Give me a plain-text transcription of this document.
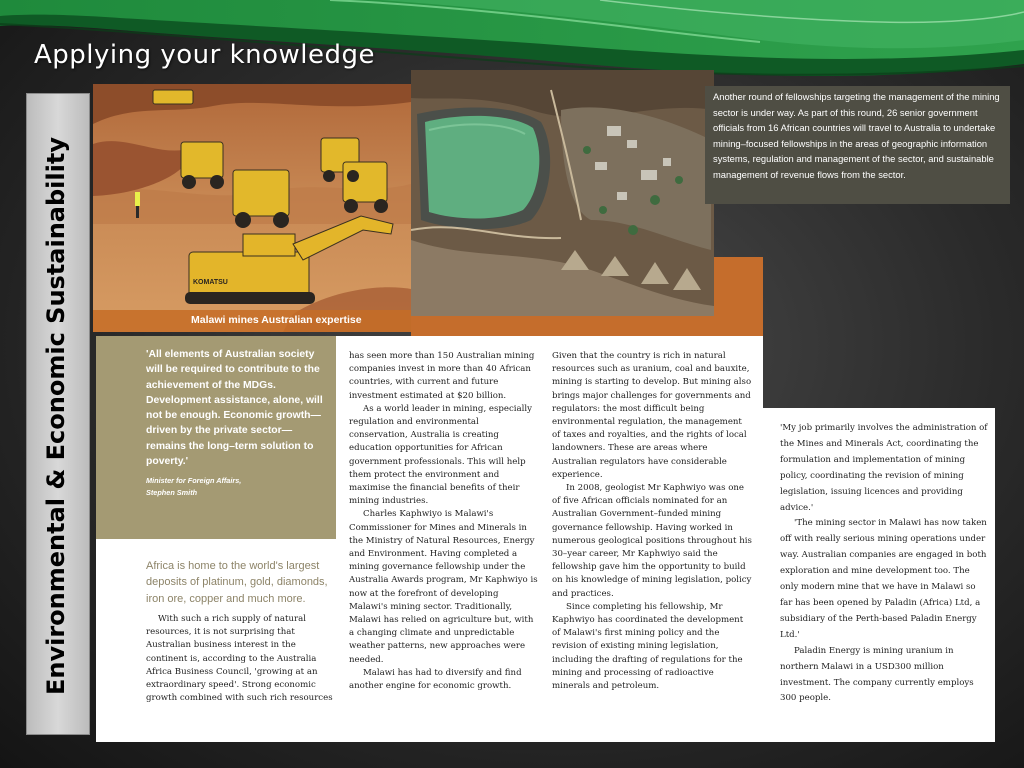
Applying your knowledge
Environmental & Economic Sustainability	KOMATSU
Malawi mines Australian expertise
Another round of fellowships targeting the management of the mining sector is under way. As part of this round, 26 senior government officials from 16 African countries will travel to Australia to undertake mining–focused fellowships in the areas of geographic information systems, regulation and management of the sector, and sustainable management of revenue flows from the sector.

'All elements of Australian society will be required to contribute to the achievement of the MDGs. Development assistance, alone, will not be enough. Economic growth—driven by the private sector—remains the long–term solution to poverty.'

Minister for Foreign Affairs,
Stephen Smith

Africa is home to the world's largest deposits of platinum, gold, diamonds, iron ore, copper and much more.

With such a rich supply of natural resources, it is not surprising that Australian business interest in the continent is, according to the Australia Africa Business Council, 'growing at an extraordinary speed'. Strong economic growth combined with such rich resources

has seen more than 150 Australian mining companies invest in more than 40 African countries, with current and future investment estimated at $20 billion.

As a world leader in mining, especially regulation and environmental conservation, Australia is creating education opportunities for African government professionals. This will help them protect the environment and maximise the financial benefits of their mining industries.

Charles Kaphwiyo is Malawi's Commissioner for Mines and Minerals in the Ministry of Natural Resources, Energy and Environment. Having completed a mining governance fellowship under the Australia Awards program, Mr Kaphwiyo is now at the forefront of developing Malawi's mining sector. Traditionally, Malawi has relied on agriculture but, with a changing climate and unpredictable weather patterns, new approaches were needed.

Malawi has had to diversify and find another engine for economic growth.

Given that the country is rich in natural resources such as uranium, coal and bauxite, mining is starting to develop. But mining also brings major challenges for governments and regulators: the most difficult being environmental regulation, the management of taxes and royalties, and the rights of local landowners. These are areas where Australian regulators have considerable experience.

In 2008, geologist Mr Kaphwiyo was one of five African officials nominated for an Australian Government–funded mining governance fellowship. Having worked in numerous geological positions throughout his 30–year career, Mr Kaphwiyo said the fellowship gave him the opportunity to build on his knowledge of mining legislation, policy and practices.

Since completing his fellowship, Mr Kaphwiyo has coordinated the development of Malawi's first mining policy and the revision of existing mining legislation, including the drafting of regulations for the mining and processing of radioactive minerals and petroleum.

'My job primarily involves the administration of the Mines and Minerals Act, coordinating the formulation and implementation of mining policy, coordinating the revision of mining legislation, issuing licences and providing advice.'

'The mining sector in Malawi has now taken off with really serious mining operations under way. Australian companies are engaged in both exploration and mine development too. The only modern mine that we have in Malawi so far has been opened by Paladin (Africa) Ltd, a subsidiary of the Perth-based Paladin Energy Ltd.'

Paladin Energy is mining uranium in northern Malawi in a USD300 million investment. The company currently employs 300 people.
